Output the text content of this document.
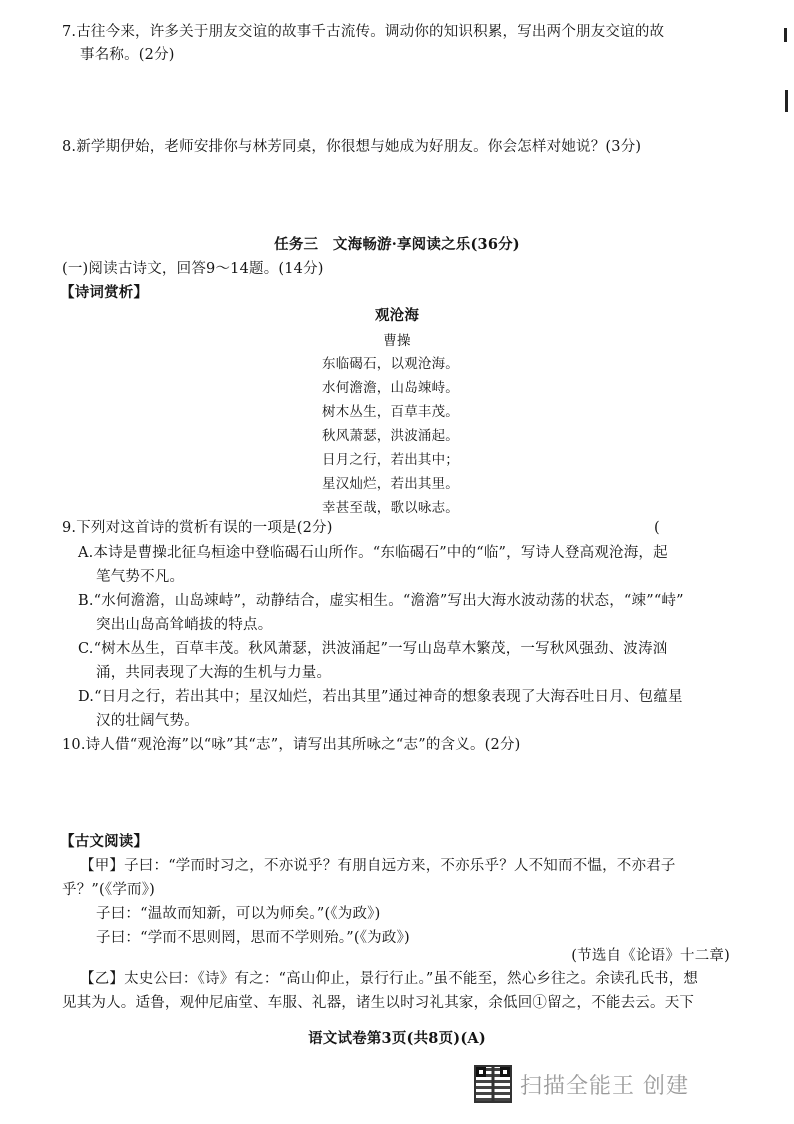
7.古往今来，许多关于朋友交谊的故事千古流传。调动你的知识积累，写出两个朋友交谊的故
事名称。(2分)
8.新学期伊始，老师安排你与林芳同桌，你很想与她成为好朋友。你会怎样对她说？(3分)
任务三　文海畅游·享阅读之乐(36分)
(一)阅读古诗文，回答9～14题。(14分)
【诗词赏析】
观沧海
曹操
东临碣石，以观沧海。
水何澹澹，山岛竦峙。
树木丛生，百草丰茂。
秋风萧瑟，洪波涌起。
日月之行，若出其中；
星汉灿烂，若出其里。
幸甚至哉，歌以咏志。
9.下列对这首诗的赏析有误的一项是(2分)	(
A.本诗是曹操北征乌桓途中登临碣石山所作。“东临碣石”中的“临”，写诗人登高观沧海，起
笔气势不凡。
B.“水何澹澹，山岛竦峙”，动静结合，虚实相生。“澹澹”写出大海水波动荡的状态，“竦”“峙”
突出山岛高耸峭拔的特点。
C.“树木丛生，百草丰茂。秋风萧瑟，洪波涌起”一写山岛草木繁茂，一写秋风强劲、波涛汹
涌，共同表现了大海的生机与力量。
D.“日月之行，若出其中；星汉灿烂，若出其里”通过神奇的想象表现了大海吞吐日月、包蕴星
汉的壮阔气势。
10.诗人借“观沧海”以“咏”其“志”，请写出其所咏之“志”的含义。(2分)
【古文阅读】
【甲】子曰：“学而时习之，不亦说乎？有朋自远方来，不亦乐乎？人不知而不愠，不亦君子
乎？”(《学而》)
子曰：“温故而知新，可以为师矣。”(《为政》)
子曰：“学而不思则罔，思而不学则殆。”(《为政》)
(节选自《论语》十二章)
【乙】太史公曰：《诗》有之：“高山仰止，景行行止。”虽不能至，然心乡往之。余读孔氏书，想
见其为人。适鲁，观仲尼庙堂、车服、礼器，诸生以时习礼其家，余低回①留之，不能去云。天下
语文试卷第3页(共8页)(A)
扫描全能王 创建
